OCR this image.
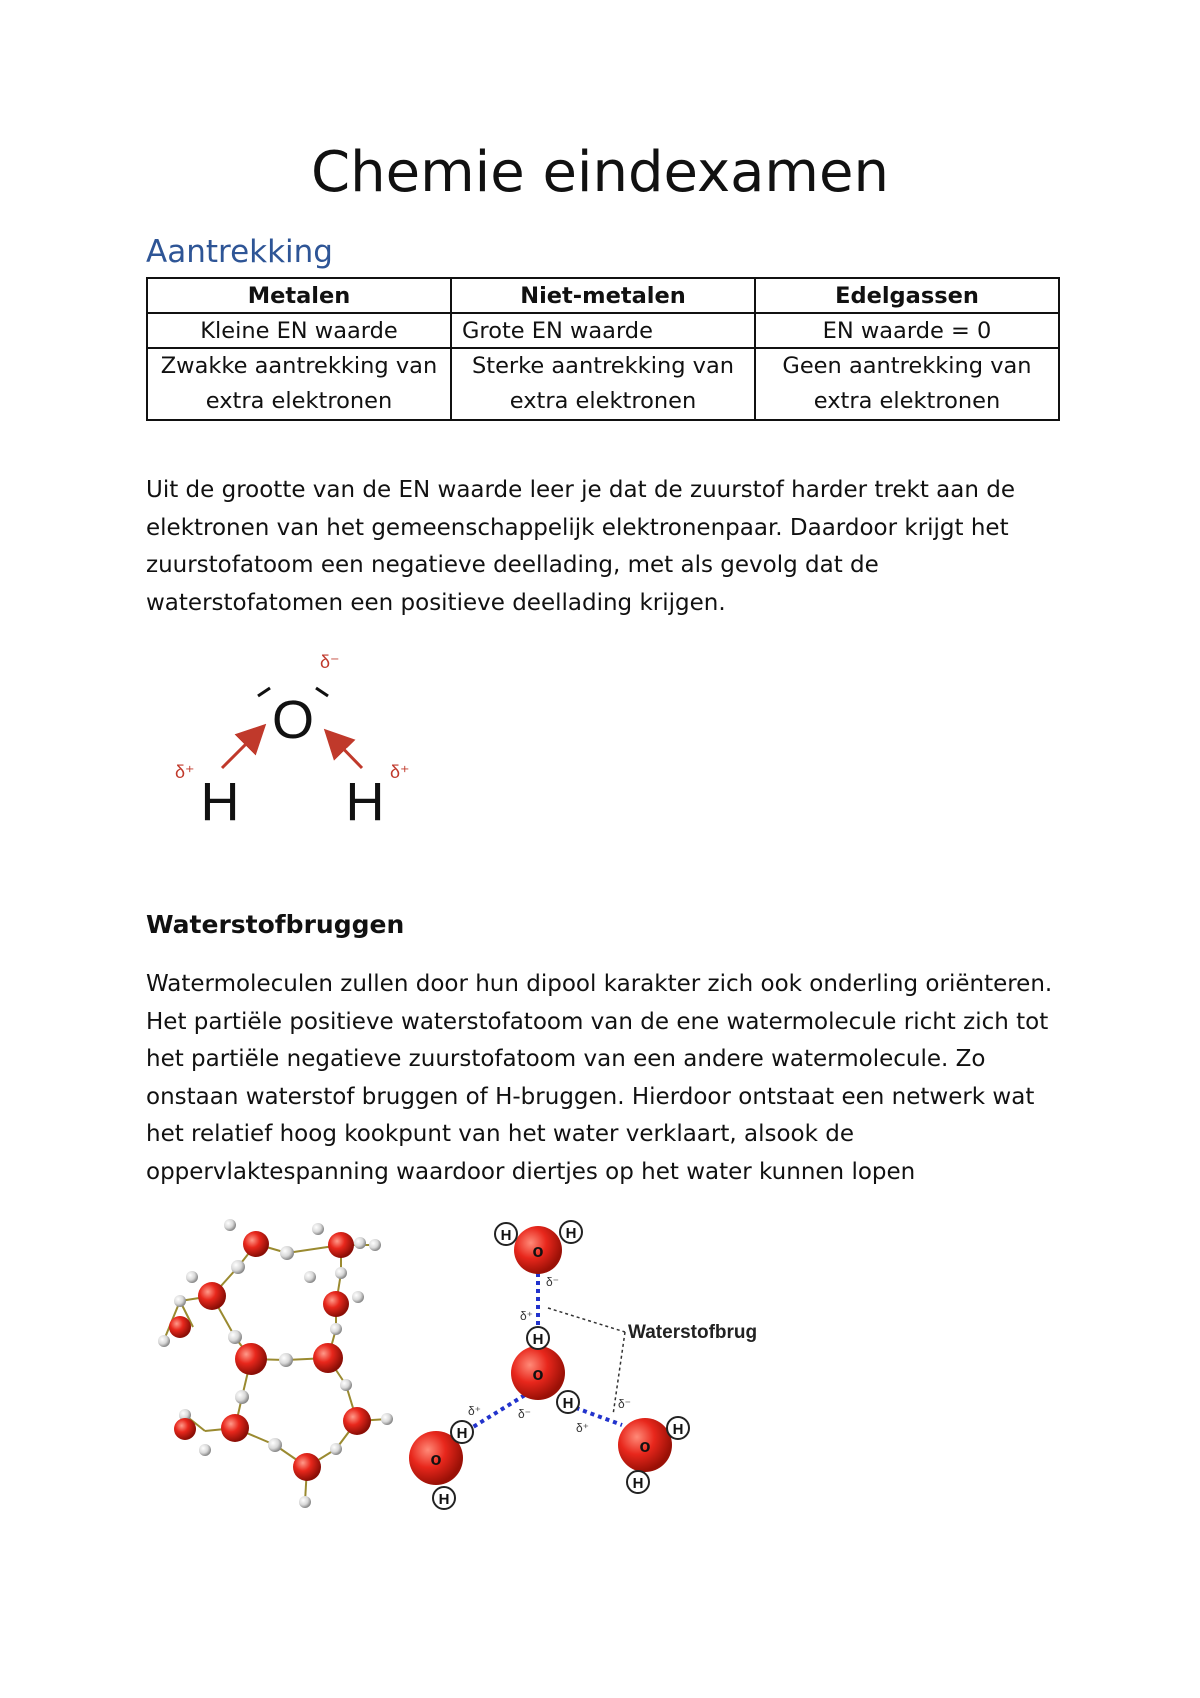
Chemie eindexamen
Aantrekking
Metalen	Niet-metalen	Edelgassen
Kleine EN waarde	Grote EN waarde	EN waarde = 0
Zwakke aantrekking van extra elektronen	Sterke aantrekking van extra elektronen	Geen aantrekking van extra elektronen

Uit de grootte van de EN waarde leer je dat de zuurstof harder trekt aan de elektronen van het gemeenschappelijk elektronenpaar. Daardoor krijgt het zuurstofatoom een negatieve deellading, met als gevolg dat de waterstofatomen een positieve deellading krijgen.

O
δ⁻
H H
δ⁺	δ⁺
Waterstofbruggen

Watermoleculen zullen door hun dipool karakter zich ook onderling oriënteren. Het partiële positieve waterstofatoom van de ene watermolecule richt zich tot het partiële negatieve zuurstofatoom van een andere watermolecule. Zo onstaan waterstof bruggen of H-bruggen. Hierdoor ontstaat een netwerk wat het relatief hoog kookpunt van het water verklaart, alsook de oppervlaktespanning waardoor diertjes op het water kunnen lopen

Waterstofbrug
o
H	H
o
H
H
o
H
H
o
H
H
δ⁻
δ⁺
δ⁻
δ⁺
δ⁺
δ⁻
